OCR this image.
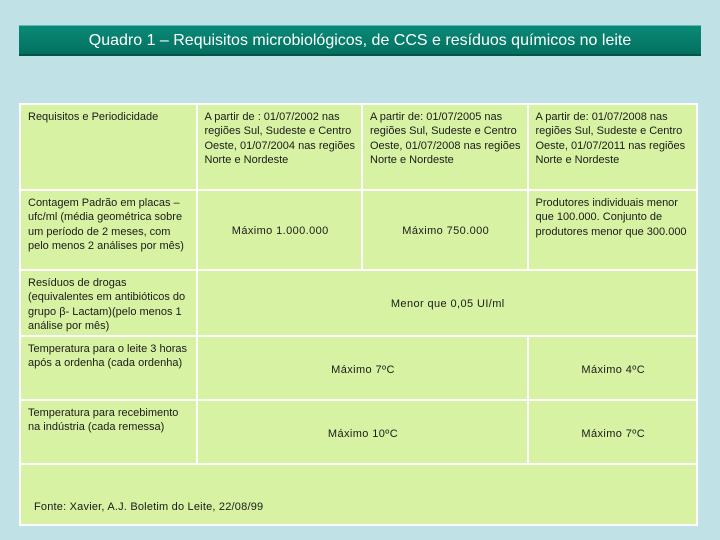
Quadro 1 – Requisitos microbiológicos, de CCS e resíduos químicos no leite
Requisitos e Periodicidade	A partir de : 01/07/2002 nas regiões Sul, Sudeste e Centro Oeste, 01/07/2004 nas regiões Norte e Nordeste	A partir de: 01/07/2005 nas regiões Sul, Sudeste e Centro Oeste, 01/07/2008 nas regiões Norte e Nordeste	A partir de: 01/07/2008 nas regiões Sul, Sudeste e Centro Oeste, 01/07/2011 nas regiões Norte e Nordeste
Contagem Padrão em placas – ufc/ml (média geométrica sobre um período de 2 meses, com pelo menos 2 análises por mês)	Máximo 1.000.000	Máximo 750.000	Produtores individuais menor que 100.000. Conjunto de produtores menor que 300.000
Resíduos de drogas (equivalentes em antibióticos do grupo β- Lactam)(pelo menos 1 análise por mês)	Menor que 0,05 UI/ml		
Temperatura para o leite 3 horas após a ordenha (cada ordenha)	Máximo 7ºC		Máximo 4ºC
Temperatura para recebimento na indústria (cada remessa)	Máximo 10ºC		Máximo 7ºC

Fonte: Xavier, A.J. Boletim do Leite, 22/08/99
